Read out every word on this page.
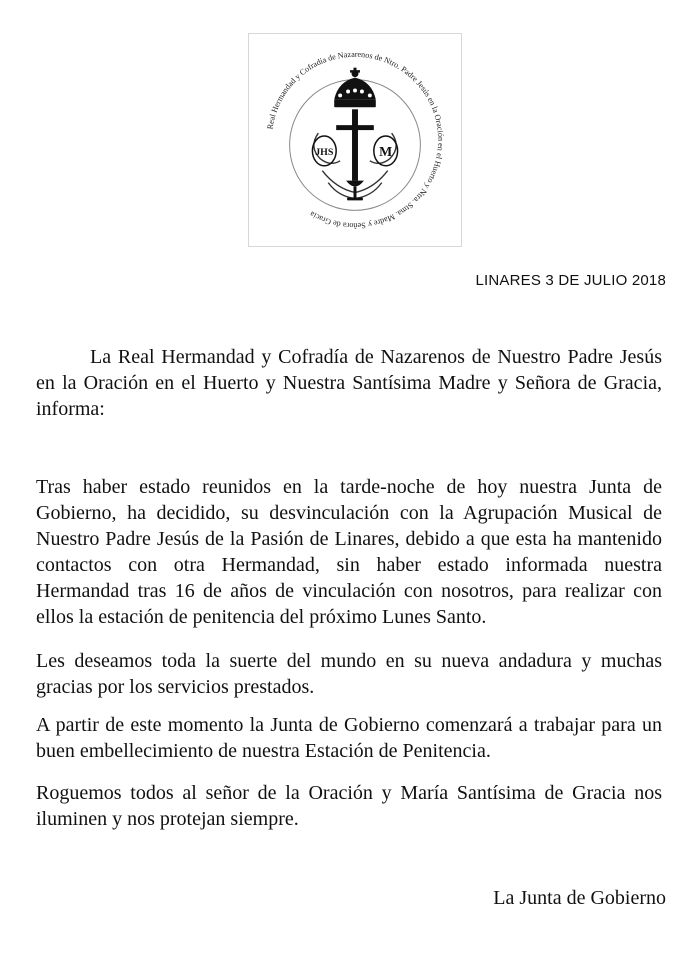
Real Hermandad y Cofradía de Nazarenos de Ntro. Padre Jesús en la Oración en el Huerto y Ntra. Stma. Madre y Señora de Gracia
JHS	M
LINARES 3 DE JULIO 2018

La Real Hermandad y Cofradía de Nazarenos de Nuestro Padre Jesús en la Oración en el Huerto y Nuestra Santísima Madre y Señora de Gracia, informa:

Tras haber estado reunidos en la tarde-noche de hoy nuestra Junta de Gobierno, ha decidido, su desvinculación con la Agrupación Musical de Nuestro Padre Jesús de la Pasión de Linares, debido a que esta ha mantenido contactos con otra Hermandad, sin haber estado informada nuestra Hermandad tras 16 de años de vinculación con nosotros, para realizar con ellos la estación de penitencia del próximo Lunes Santo.

Les deseamos toda la suerte del mundo en su nueva andadura y muchas gracias por los servicios prestados.

A partir de este momento la Junta de Gobierno comenzará a trabajar para un buen embellecimiento de nuestra Estación de Penitencia.

Roguemos todos al señor de la Oración y María Santísima de Gracia nos iluminen y nos protejan siempre.

La Junta de Gobierno
